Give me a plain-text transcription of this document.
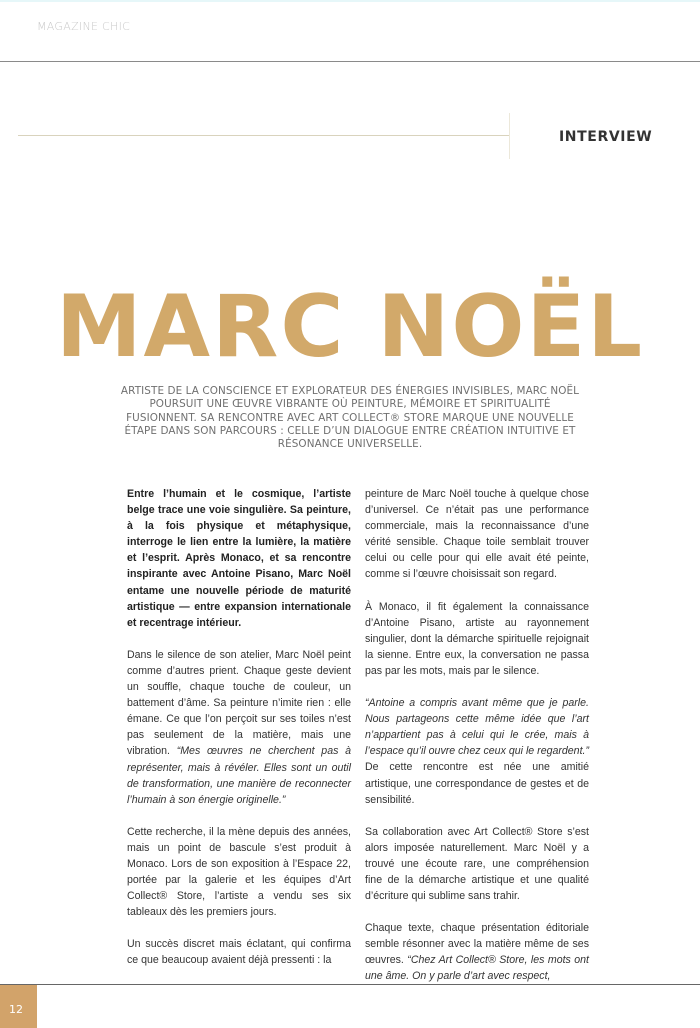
MAGAZINE CHIC
INTERVIEW
MARC NOËL
ARTISTE DE LA CONSCIENCE ET EXPLORATEUR DES ÉNERGIES INVISIBLES, MARC NOËL POURSUIT UNE ŒUVRE VIBRANTE OÙ PEINTURE, MÉMOIRE ET SPIRITUALITÉ FUSIONNENT. SA RENCONTRE AVEC ART COLLECT® STORE MARQUE UNE NOUVELLE ÉTAPE DANS SON PARCOURS : CELLE D’UN DIALOGUE ENTRE CRÉATION INTUITIVE ET RÉSONANCE UNIVERSELLE.

Entre l’humain et le cosmique, l’artiste belge trace une voie singulière. Sa peinture, à la fois physique et métaphysique, interroge le lien entre la lumière, la matière et l’esprit. Après Monaco, et sa rencontre inspirante avec Antoine Pisano, Marc Noël entame une nouvelle période de maturité artistique — entre expansion internationale et recentrage intérieur.

Dans le silence de son atelier, Marc Noël peint comme d’autres prient. Chaque geste devient un souffle, chaque touche de couleur, un battement d’âme. Sa peinture n’imite rien : elle émane. Ce que l’on perçoit sur ses toiles n’est pas seulement de la matière, mais une vibration. “Mes œuvres ne cherchent pas à représenter, mais à révéler. Elles sont un outil de transformation, une manière de reconnecter l’humain à son énergie originelle.”

Cette recherche, il la mène depuis des années, mais un point de bascule s’est produit à Monaco. Lors de son exposition à l’Espace 22, portée par la galerie et les équipes d’Art Collect® Store, l’artiste a vendu ses six tableaux dès les premiers jours.

Un succès discret mais éclatant, qui confirma ce que beaucoup avaient déjà pressenti : la

peinture de Marc Noël touche à quelque chose d’universel. Ce n’était pas une performance commerciale, mais la reconnaissance d’une vérité sensible. Chaque toile semblait trouver celui ou celle pour qui elle avait été peinte, comme si l’œuvre choisissait son regard.

À Monaco, il fit également la connaissance d’Antoine Pisano, artiste au rayonnement singulier, dont la démarche spirituelle rejoignait la sienne. Entre eux, la conversation ne passa pas par les mots, mais par le silence.

“Antoine a compris avant même que je parle. Nous partageons cette même idée que l’art n’appartient pas à celui qui le crée, mais à l’espace qu’il ouvre chez ceux qui le regardent.” De cette rencontre est née une amitié artistique, une correspondance de gestes et de sensibilité.

Sa collaboration avec Art Collect® Store s’est alors imposée naturellement. Marc Noël y a trouvé une écoute rare, une compréhension fine de la démarche artistique et une qualité d’écriture qui sublime sans trahir.

Chaque texte, chaque présentation éditoriale semble résonner avec la matière même de ses œuvres. “Chez Art Collect® Store, les mots ont une âme. On y parle d’art avec respect,

12
